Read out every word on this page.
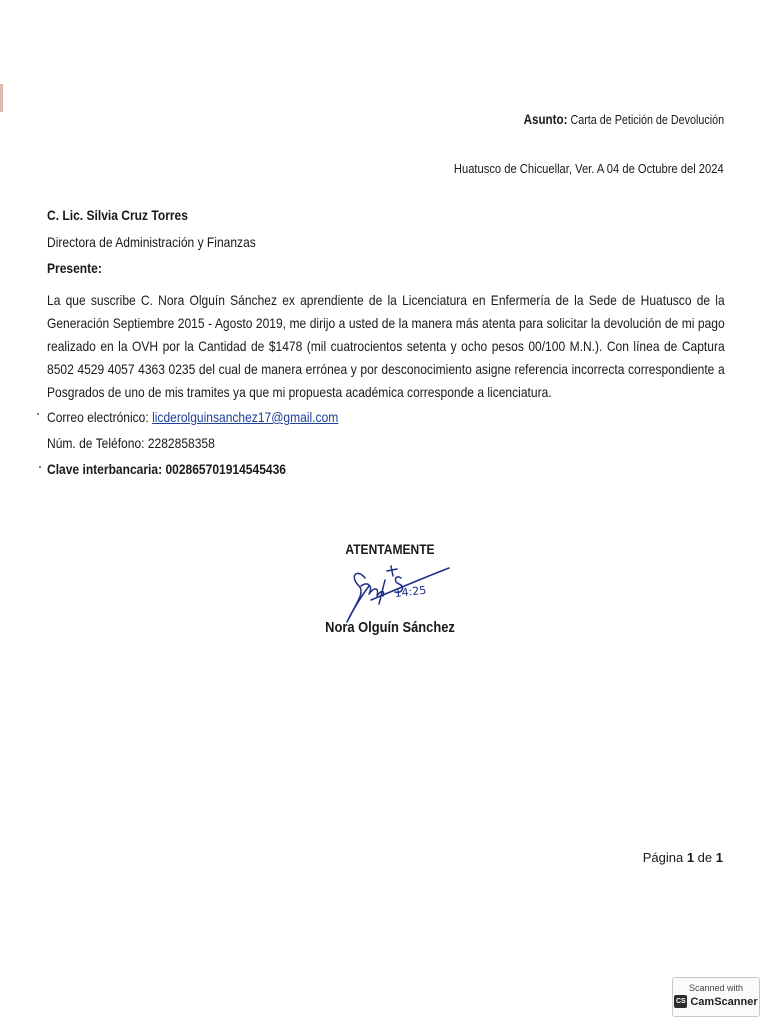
Asunto: Carta de Petición de Devolución
Huatusco de Chicuellar, Ver. A 04 de Octubre del 2024
C. Lic. Silvia Cruz Torres
Directora de Administración y Finanzas
Presente:
La que suscribe C. Nora Olguín Sánchez ex aprendiente de la Licenciatura en Enfermería de la Sede de Huatusco de la Generación Septiembre 2015 - Agosto 2019, me dirijo a usted de la manera más atenta para solicitar la devolución de mi pago realizado en la OVH por la Cantidad de $1478 (mil cuatrocientos setenta y ocho pesos 00/100 M.N.). Con línea de Captura 8502 4529 4057 4363 0235 del cual de manera errónea y por desconocimiento asigne referencia incorrecta correspondiente a Posgrados de uno de mis tramites ya que mi propuesta académica corresponde a licenciatura.
Correo electrónico: licderolguinsanchez17@gmail.com
Núm. de Teléfono: 2282858358
Clave interbancaria: 002865701914545436
ATENTAMENTE
14:25
Nora Olguín Sánchez
Página 1 de 1
Scanned with
CS CamScanner
